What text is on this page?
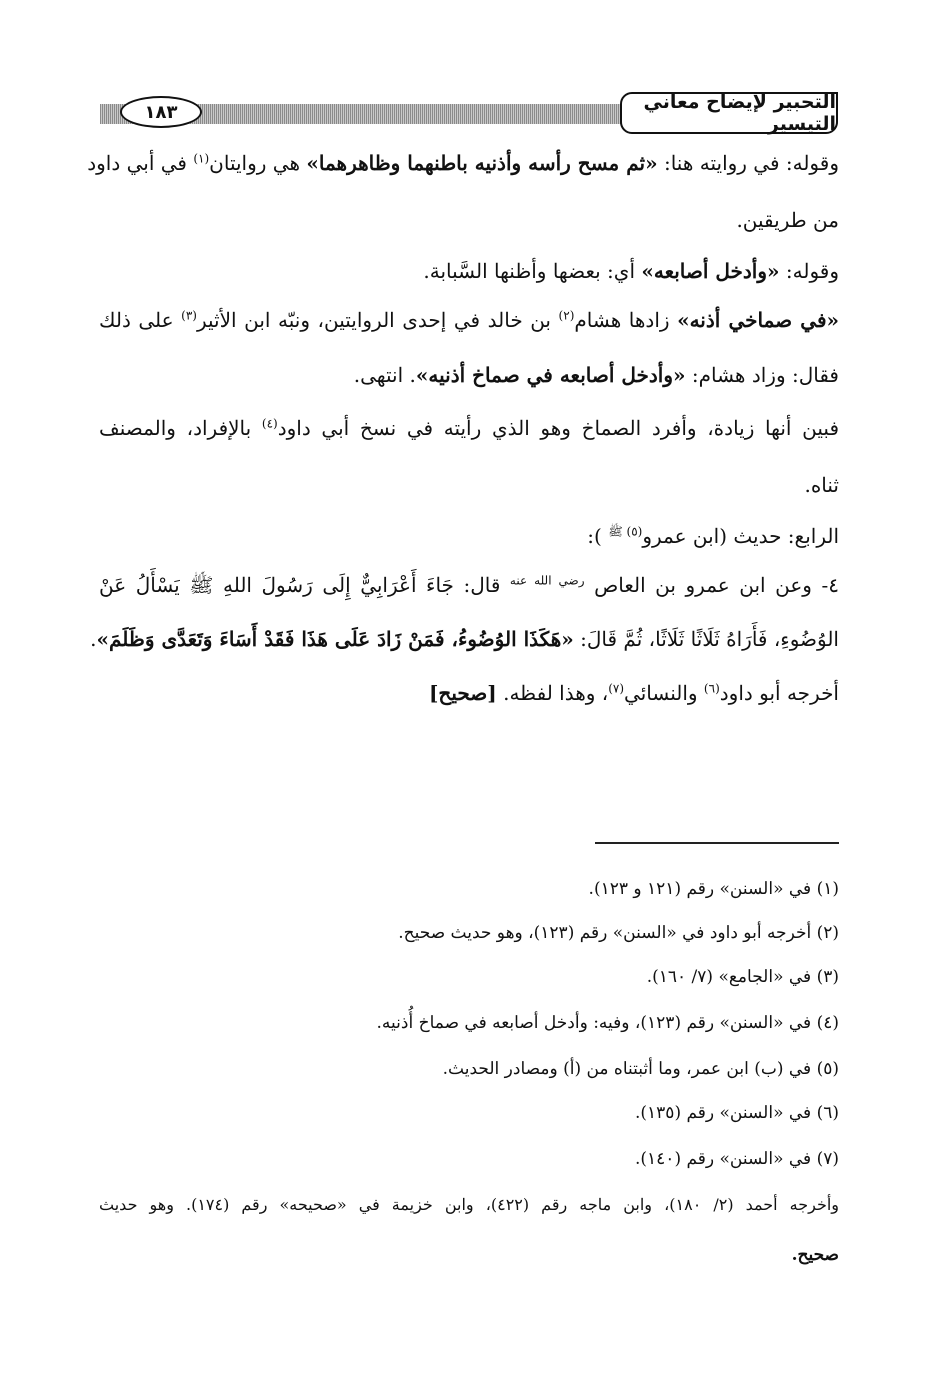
التحبير لإيضاح معاني التيسير
١٨٣
وقوله: في روايته هنا: «ثم مسح رأسه وأذنيه باطنهما وظاهرهما» هي روايتان$^{(١)}$ في أبي داود
من طريقين.
وقوله: «وأدخل أصابعه» أي: بعضها وأظنها السَّبابة.
«في صماخي أذنه» زادها هشام$^{(٢)}$ بن خالد في إحدى الروايتين، ونبّه ابن الأثير$^{(٣)}$ على ذلك
فقال: وزاد هشام: «وأدخل أصابعه في صماخ أذنيه». انتهى.
فبين أنها زيادة، وأفرد الصماخ وهو الذي رأيته في نسخ أبي داود$^{(٤)}$ بالإفراد، والمصنف
ثناه.
الرابع: حديث (ابن عمرو$^{(٥)}$ $^ﷺ$ ):
٤- وعن ابن عمرو بن العاص $^{رضي الله عنه}$ قال: جَاءَ أَعْرَابِيٌّ إِلَى رَسُولَ اللهِ ﷺ يَسْأَلُ عَنْ
الوُضُوءِ، فَأَرَاهُ ثَلَاثًا ثَلَاثًا، ثُمَّ قَالَ: «هَكَذَا الوُضُوءُ، فَمَنْ زَادَ عَلَى هَذَا فَقَدْ أَسَاءَ وَتَعَدَّى وَظَلَمَ».
أخرجه أبو داود$^{(٦)}$ والنسائي$^{(٧)}$، وهذا لفظه. [صحيح]
(١) في «السنن» رقم (١٢١ و ١٢٣).
(٢) أخرجه أبو داود في «السنن» رقم (١٢٣)، وهو حديث صحيح.
(٣) في «الجامع» (٧/ ١٦٠).
(٤) في «السنن» رقم (١٢٣)، وفيه: وأدخل أصابعه في صماخ أُذنيه.
(٥) في (ب) ابن عمر، وما أثبتناه من (أ) ومصادر الحديث.
(٦) في «السنن» رقم (١٣٥).
(٧) في «السنن» رقم (١٤٠).
وأخرجه أحمد (٢/ ١٨٠)، وابن ماجه رقم (٤٢٢)، وابن خزيمة في «صحيحه» رقم (١٧٤). وهو حديث
صحيح.
